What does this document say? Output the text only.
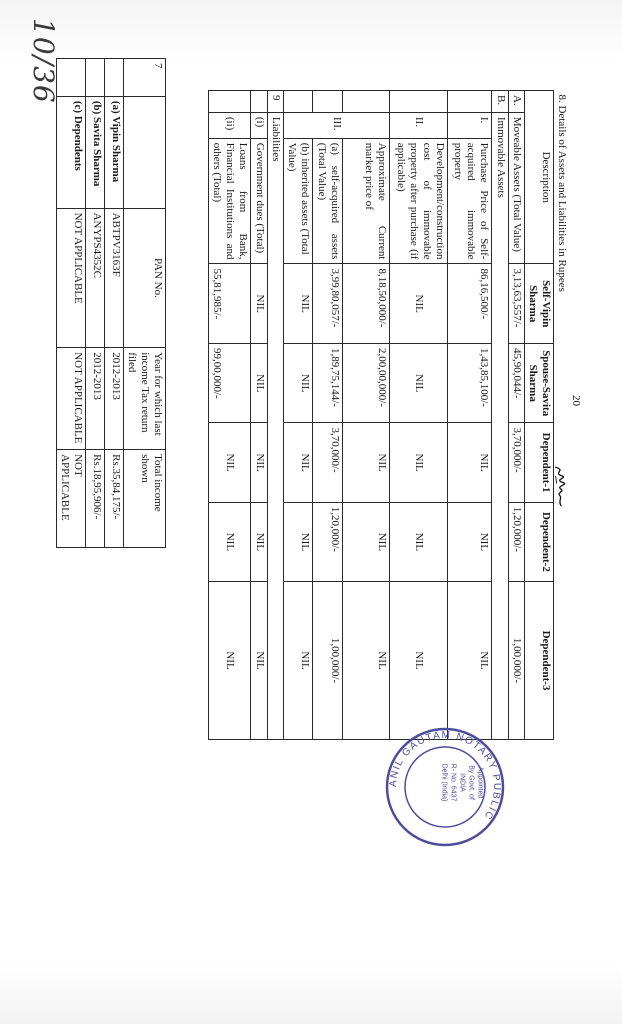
10/36	7		PAN No.	Year for which last income Tax return filed	Total income shown
	(a) Vipin Sharma	ABTPV3163F	2012-2013	Rs.35,84,175/-
	(b) Savita Sharma	ANYPS4352C	2012-2013	Rs.18,95,906/-
	(c) Dependents	NOT APPLICABLE	NOT APPLICABLE	NOT APPLICABLE
8. Details of Assets and Liabilities in Rupees							
Description			Self-Vipin Sharma	Spouse-Savita Sharma	Dependent-1	Dependent-2	Dependent-3
A.	Moveable Assets (Total Value)		3,13,63,557/-	45,90,044/-	3,70,000/-	1,20,000/-	1,00,000/-
B.	Immovable Assets						
	I.	Purchase Price of Self-acquired immovable property	86,16,500/-	1,43,85,100/-	NIL	NIL	NIL
	II.	Development/construction cost of immovable property after purchase (if applicable)	NIL	NIL	NIL	NIL	NIL
	III.	Approximate Current market price of	8,18,50,000/-	2,00,00,000/-	NIL	NIL	NIL
		(a) self-acquired assets (Total Value)	3,99,80,057/-	1,89,75,144/-	3,70,000/-	1,20,000/-	1,00,000/-
		(b) inherited assets (Total Value)	NIL	NIL	NIL	NIL	NIL
9	Liabilities						
	(i)	Government dues (Total)	NIL	NIL	NIL	NIL	NIL
	(ii)	Loans from Bank, Financial Institutions and others (Total)	55,81,985/-	99,00,000/-	NIL	NIL	NIL
20
ANIL GAUTAM NOTARY PUBLIC
Appointed
By Govt. of
INDIA
R- No. 6437
Delhi (India)
